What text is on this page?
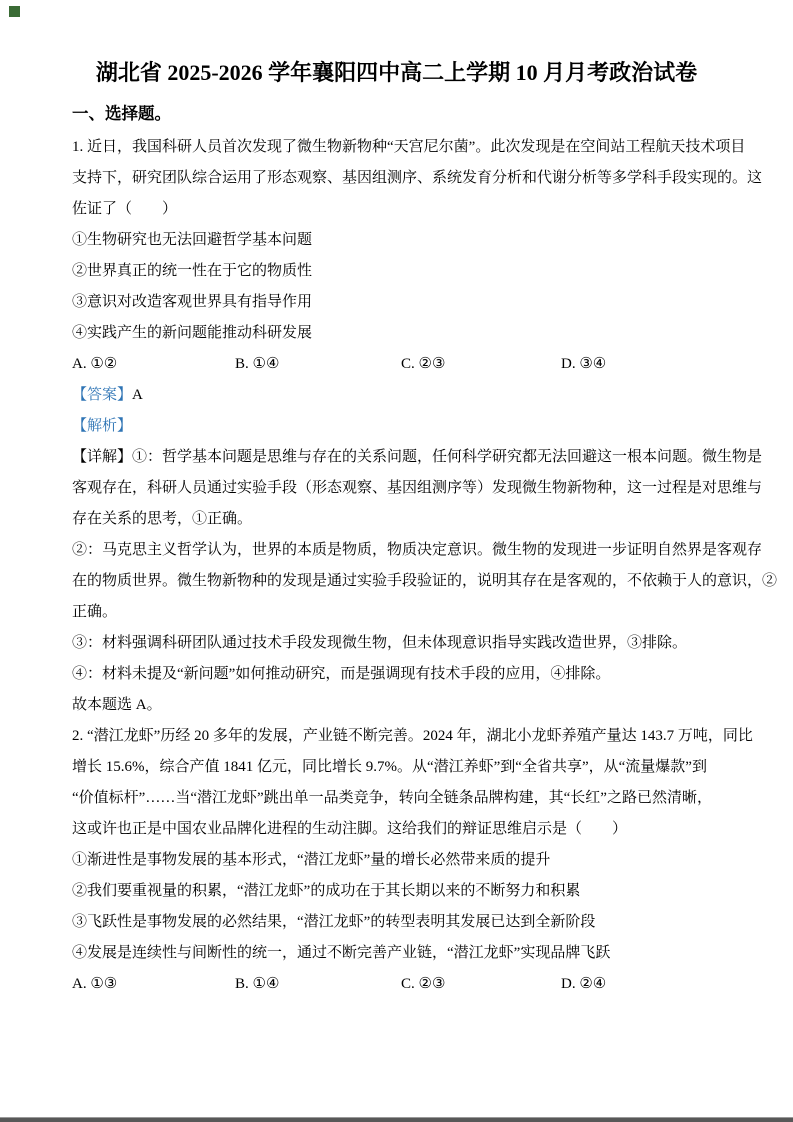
湖北省 2025-2026 学年襄阳四中高二上学期 10 月月考政治试卷
一、选择题。
1. 近日，我国科研人员首次发现了微生物新物种“天宫尼尔菌”。此次发现是在空间站工程航天技术项目
支持下，研究团队综合运用了形态观察、基因组测序、系统发育分析和代谢分析等多学科手段实现的。这
佐证了（　　）
①生物研究也无法回避哲学基本问题
②世界真正的统一性在于它的物质性
③意识对改造客观世界具有指导作用
④实践产生的新问题能推动科研发展
A. ①②	B. ①④	C. ②③	D. ③④
【答案】A
【解析】
【详解】①：哲学基本问题是思维与存在的关系问题，任何科学研究都无法回避这一根本问题。微生物是
客观存在，科研人员通过实验手段（形态观察、基因组测序等）发现微生物新物种，这一过程是对思维与
存在关系的思考，①正确。
②：马克思主义哲学认为，世界的本质是物质，物质决定意识。微生物的发现进一步证明自然界是客观存
在的物质世界。微生物新物种的发现是通过实验手段验证的，说明其存在是客观的，不依赖于人的意识，②
正确。
③：材料强调科研团队通过技术手段发现微生物，但未体现意识指导实践改造世界，③排除。
④：材料未提及“新问题”如何推动研究，而是强调现有技术手段的应用，④排除。
故本题选 A。
2. “潜江龙虾”历经 20 多年的发展，产业链不断完善。2024 年，湖北小龙虾养殖产量达 143.7 万吨，同比
增长 15.6%，综合产值 1841 亿元，同比增长 9.7%。从“潜江养虾”到“全省共享”，从“流量爆款”到
“价值标杆”……当“潜江龙虾”跳出单一品类竞争，转向全链条品牌构建，其“长红”之路已然清晰，
这或许也正是中国农业品牌化进程的生动注脚。这给我们的辩证思维启示是（　　）
①渐进性是事物发展的基本形式，“潜江龙虾”量的增长必然带来质的提升
②我们要重视量的积累，“潜江龙虾”的成功在于其长期以来的不断努力和积累
③飞跃性是事物发展的必然结果，“潜江龙虾”的转型表明其发展已达到全新阶段
④发展是连续性与间断性的统一，通过不断完善产业链，“潜江龙虾”实现品牌飞跃
A. ①③	B. ①④	C. ②③	D. ②④
